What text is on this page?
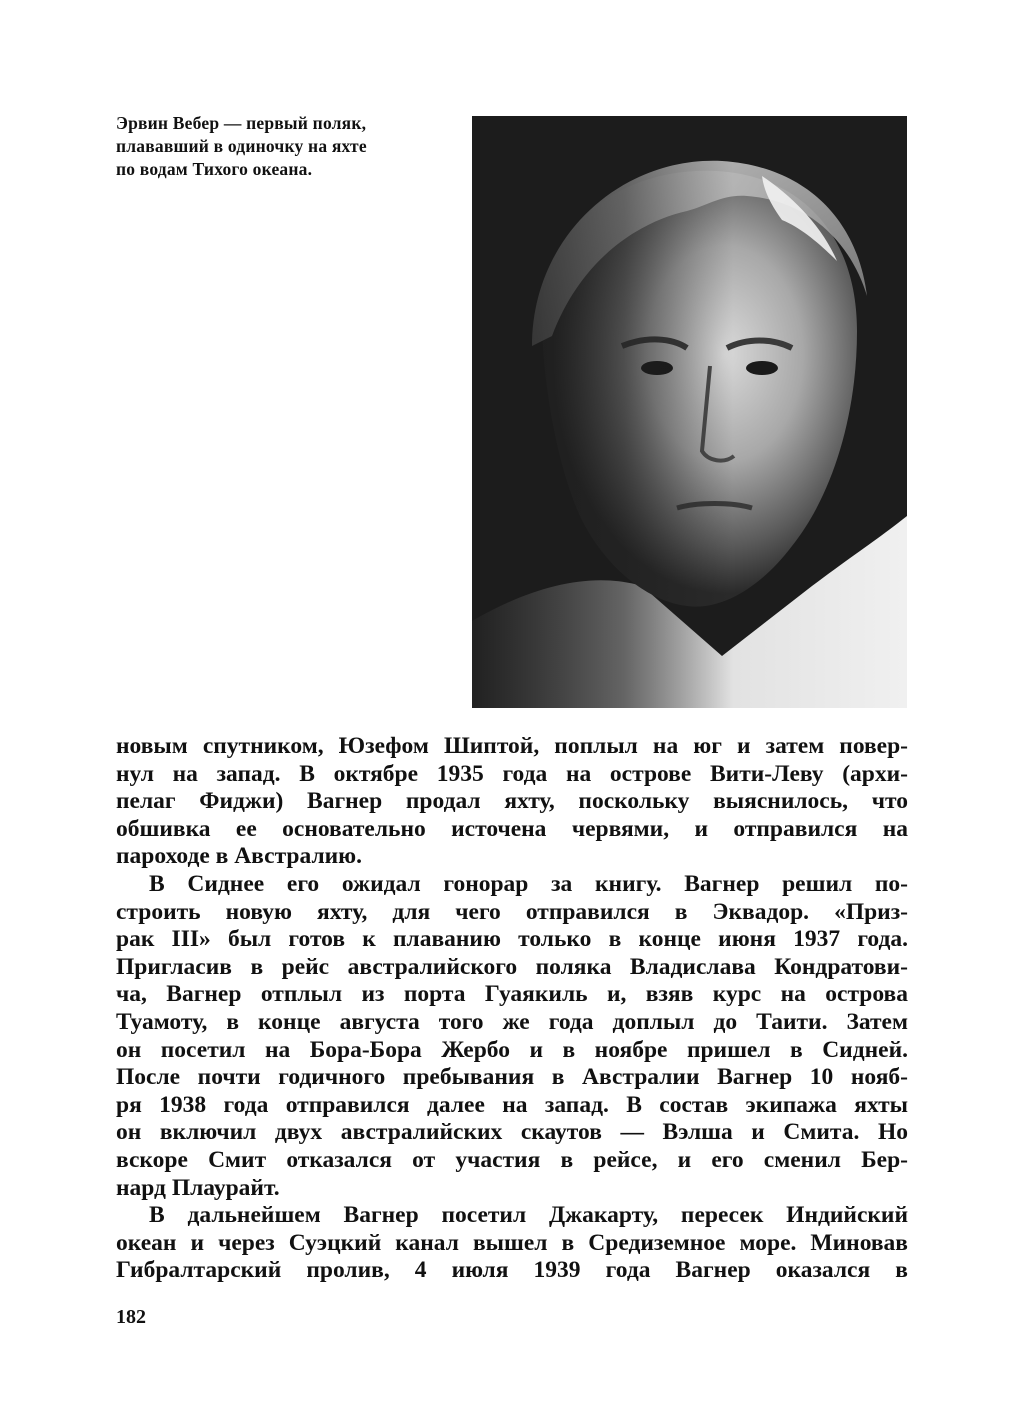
Эрвин Вебер — первый поляк,
плававший в одиночку на яхте
по водам Тихого океана.

новым спутником, Юзефом Шиптой, поплыл на юг и затем повер-
нул на запад. В октябре 1935 года на острове Вити-Леву (архи-
пелаг Фиджи) Вагнер продал яхту, поскольку выяснилось, что
обшивка ее основательно источена червями, и отправился на
пароходе в Австралию.

В Сиднее его ожидал гонорар за книгу. Вагнер решил по-
строить новую яхту, для чего отправился в Эквадор. «Приз-
рак III» был готов к плаванию только в конце июня 1937 года.
Пригласив в рейс австралийского поляка Владислава Кондратови-
ча, Вагнер отплыл из порта Гуаякиль и, взяв курс на острова
Туамоту, в конце августа того же года доплыл до Таити. Затем
он посетил на Бора-Бора Жербо и в ноябре пришел в Сидней.
После почти годичного пребывания в Австралии Вагнер 10 нояб-
ря 1938 года отправился далее на запад. В состав экипажа яхты
он включил двух австралийских скаутов — Вэлша и Смита. Но
вскоре Смит отказался от участия в рейсе, и его сменил Бер-
нард Плаурайт.

В дальнейшем Вагнер посетил Джакарту, пересек Индийский
океан и через Суэцкий канал вышел в Средиземное море. Миновав
Гибралтарский пролив, 4 июля 1939 года Вагнер оказался в

182
